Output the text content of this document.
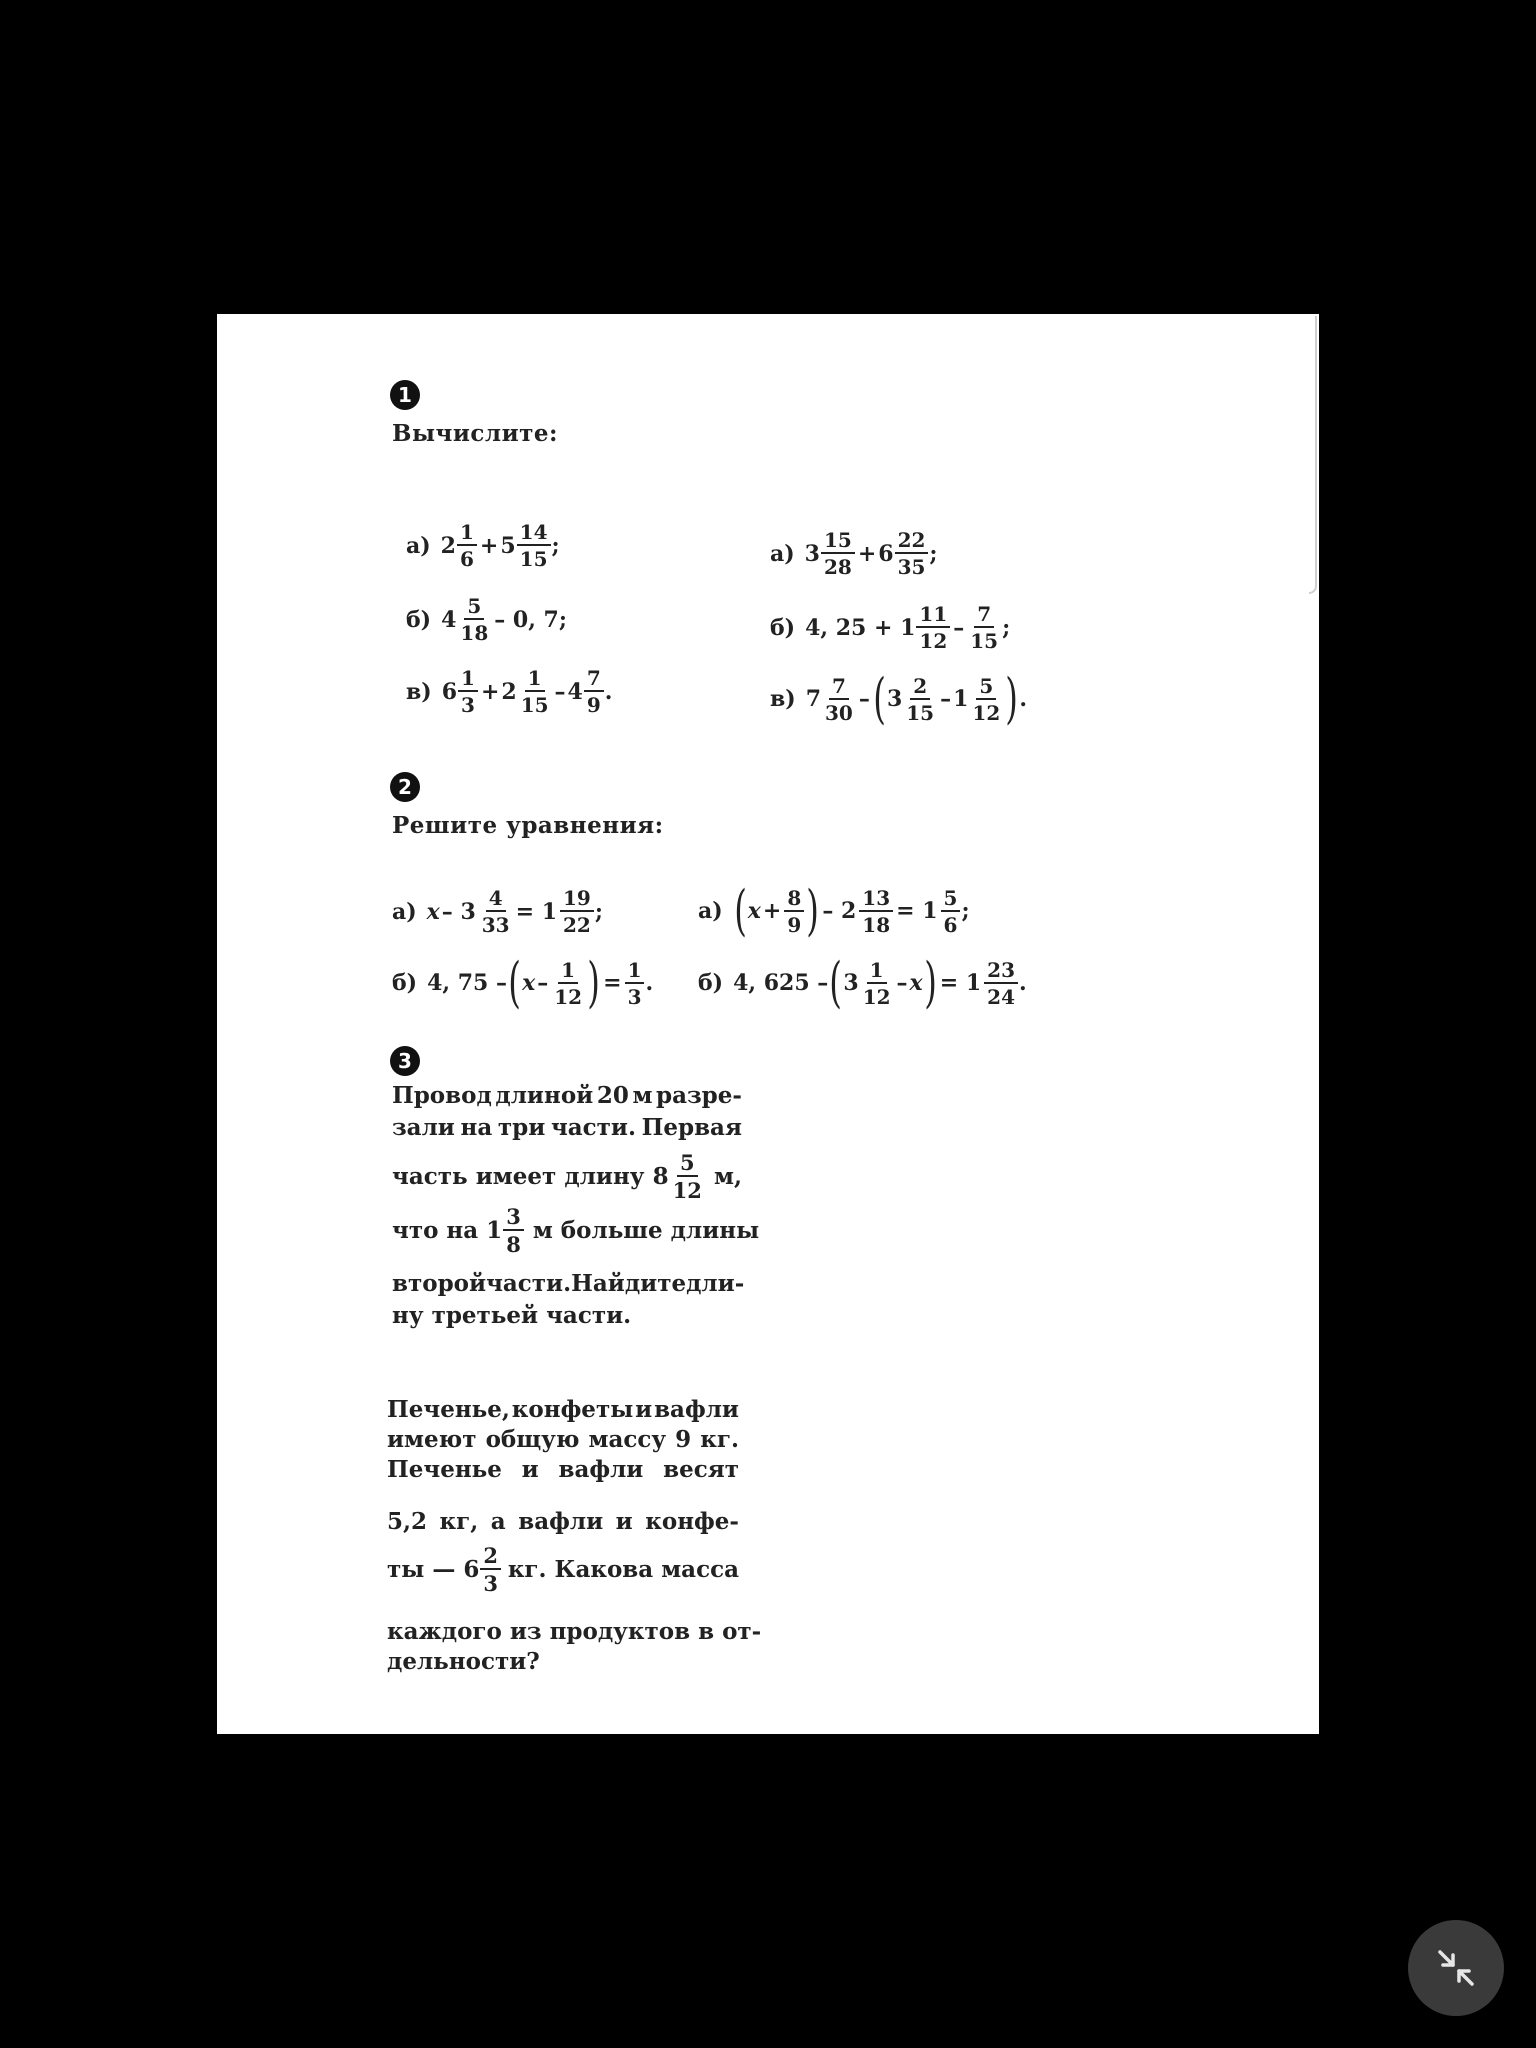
1
Вычислите:
а) $2 \frac{1}{6} + 5 \frac{14}{15}$ ;
б) $4 \frac{5}{18} - 0$, 7;
в) $6 \frac{1}{3} + 2 \frac{1}{15} - 4 \frac{7}{9}$ .
а) $3 \frac{15}{28} + 6 \frac{22}{35}$ ;
б) 4, $25 + 1 \frac{11}{12} - \frac{7}{15}$ ;
в) $7 \frac{7}{30}$ – ( $3 \frac{2}{15} - 1 \frac{5}{12}$ ) .
2
Решите уравнения:
а) $x - 3 \frac{4}{33} = 1 \frac{19}{22}$ ;
б) 4, 75 – ( x – $\frac{1}{12}$ ) = $\frac{1}{3}$ .
а) ( $x + \frac{8}{9}$ ) – $2 \frac{13}{18} = 1 \frac{5}{6}$ ;
б) 4, 625 – ( $3 \frac{1}{12}$ – x ) = $1 \frac{23}{24}$ .
3
Провод длиной 20 м разре-
зали на три части. Первая
часть имеет длину $8 \frac{5}{12} м$,
что на $1 \frac{3}{8}$ м больше длины
второй части. Найдите дли-
ну третьей части.
Печенье, конфеты и вафли
имеют общую массу 9 кг.
Печенье и вафли весят
5,2 кг, а вафли и конфе-
ты — $6 \frac{2}{3}$ кг. Какова масса
каждого из продуктов в от-
дельности?
